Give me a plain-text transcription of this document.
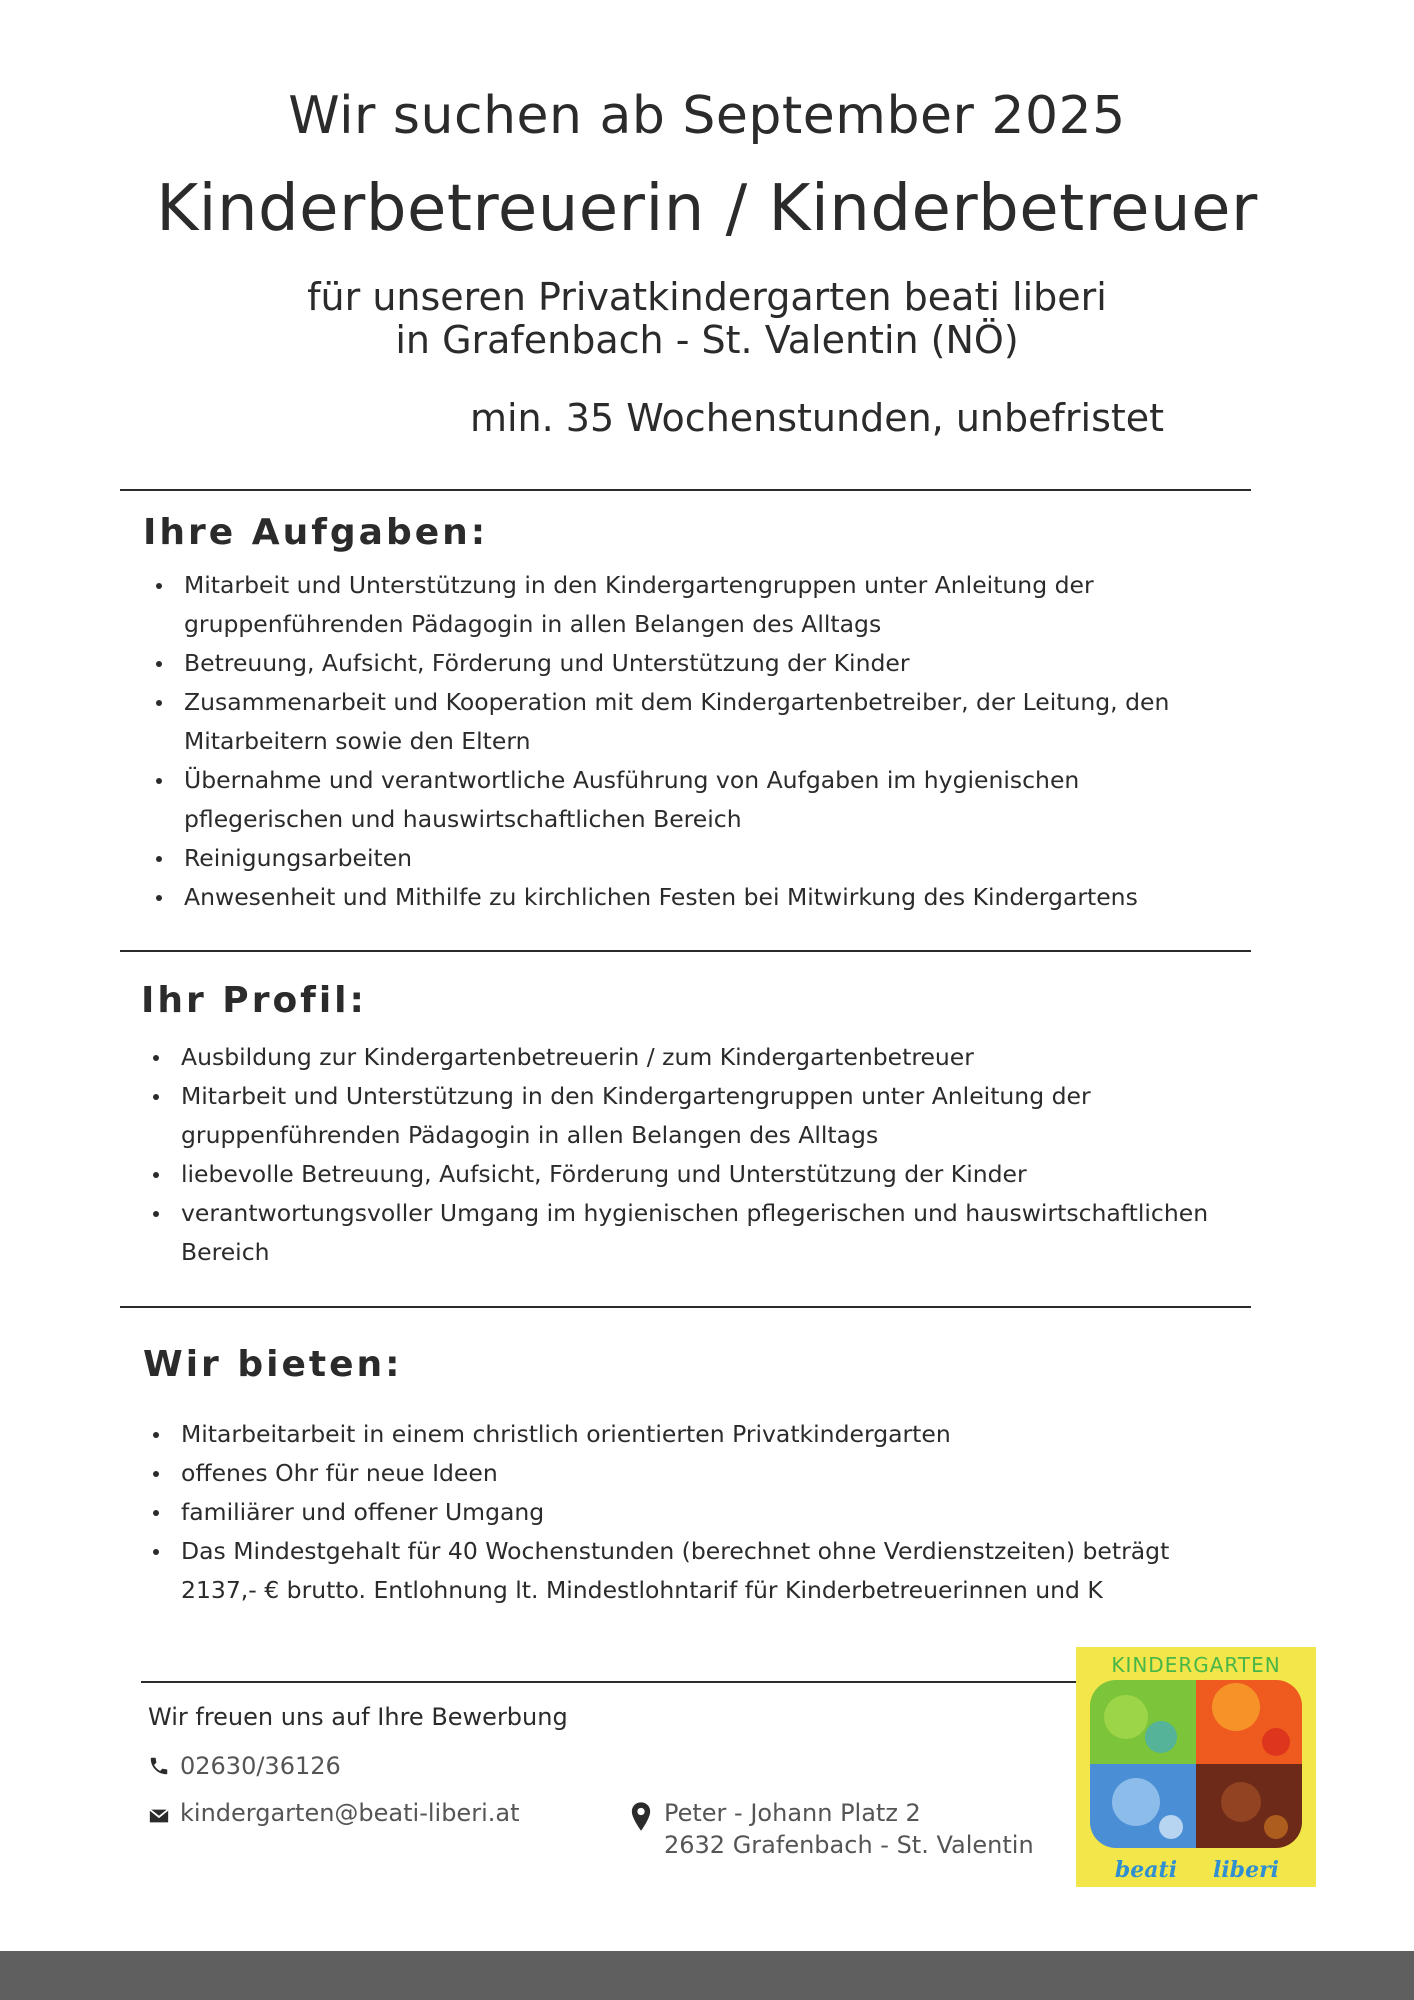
Wir suchen ab September 2025
Kinderbetreuerin / Kinderbetreuer
für unseren Privatkindergarten beati liberi
in Grafenbach - St. Valentin (NÖ)
min. 35 Wochenstunden, unbefristet
Ihre Aufgaben:
Mitarbeit und Unterstützung in den Kindergartengruppen unter Anleitung der gruppenführenden Pädagogin in allen Belangen des Alltags
Betreuung, Aufsicht, Förderung und Unterstützung der Kinder
Zusammenarbeit und Kooperation mit dem Kindergartenbetreiber, der Leitung, den Mitarbeitern sowie den Eltern
Übernahme und verantwortliche Ausführung von Aufgaben im hygienischen pflegerischen und hauswirtschaftlichen Bereich
Reinigungsarbeiten
Anwesenheit und Mithilfe zu kirchlichen Festen bei Mitwirkung des Kindergartens
Ihr Profil:
Ausbildung zur Kindergartenbetreuerin / zum Kindergartenbetreuer
Mitarbeit und Unterstützung in den Kindergartengruppen unter Anleitung der gruppenführenden Pädagogin in allen Belangen des Alltags
liebevolle Betreuung, Aufsicht, Förderung und Unterstützung der Kinder
verantwortungsvoller Umgang im hygienischen pflegerischen und hauswirtschaftlichen Bereich
Wir bieten:
Mitarbeitarbeit in einem christlich orientierten Privatkindergarten
offenes Ohr für neue Ideen
familiärer und offener Umgang
Das Mindestgehalt für 40 Wochenstunden (berechnet ohne Verdienstzeiten) beträgt 2137,- € brutto. Entlohnung lt. Mindestlohntarif für Kinderbetreuerinnen und K
Wir freuen uns auf Ihre Bewerbung
02630/36126
kindergarten@beati-liberi.at	Peter - Johann Platz 2
2632 Grafenbach - St. Valentin
KINDERGARTEN
beati liberi
